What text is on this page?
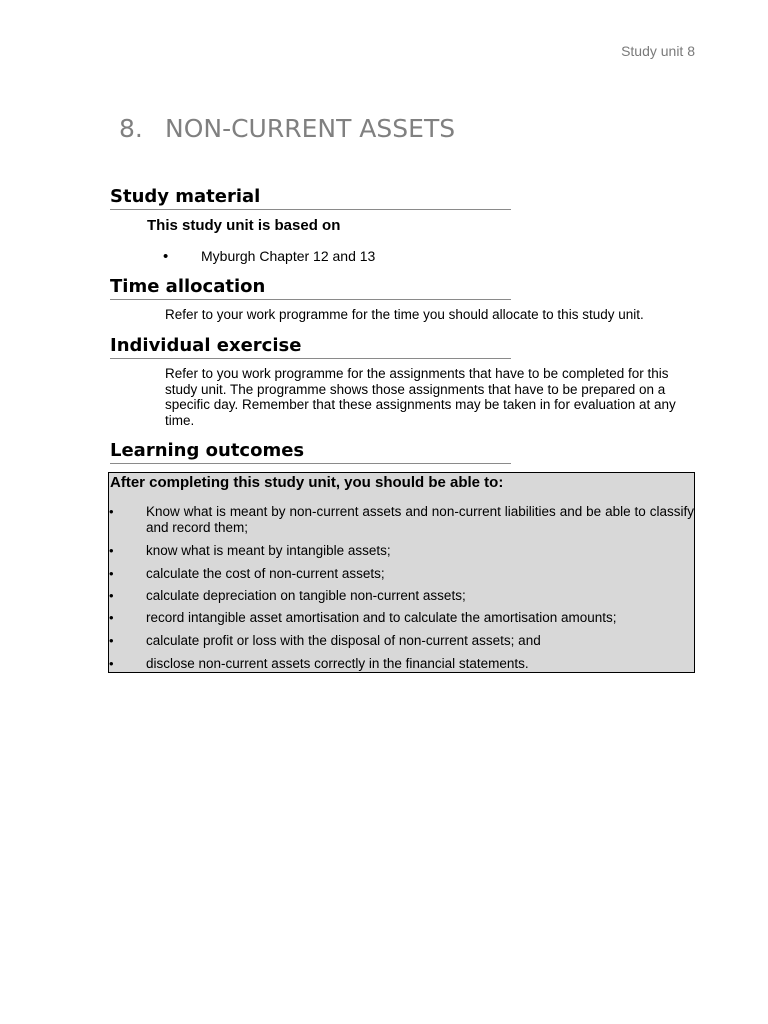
Study unit 8
8. NON-CURRENT ASSETS
Study material
This study unit is based on
• Myburgh Chapter 12 and 13
Time allocation
Refer to your work programme for the time you should allocate to this study unit.
Individual exercise
Refer to you work programme for the assignments that have to be completed for this study unit. The programme shows those assignments that have to be prepared on a specific day. Remember that these assignments may be taken in for evaluation at any time.
Learning outcomes
After completing this study unit, you should be able to:
• Know what is meant by non-current assets and non-current liabilities and be able to classify and record them;
• know what is meant by intangible assets;
• calculate the cost of non-current assets;
• calculate depreciation on tangible non-current assets;
• record intangible asset amortisation and to calculate the amortisation amounts;
• calculate profit or loss with the disposal of non-current assets; and
• disclose non-current assets correctly in the financial statements.
